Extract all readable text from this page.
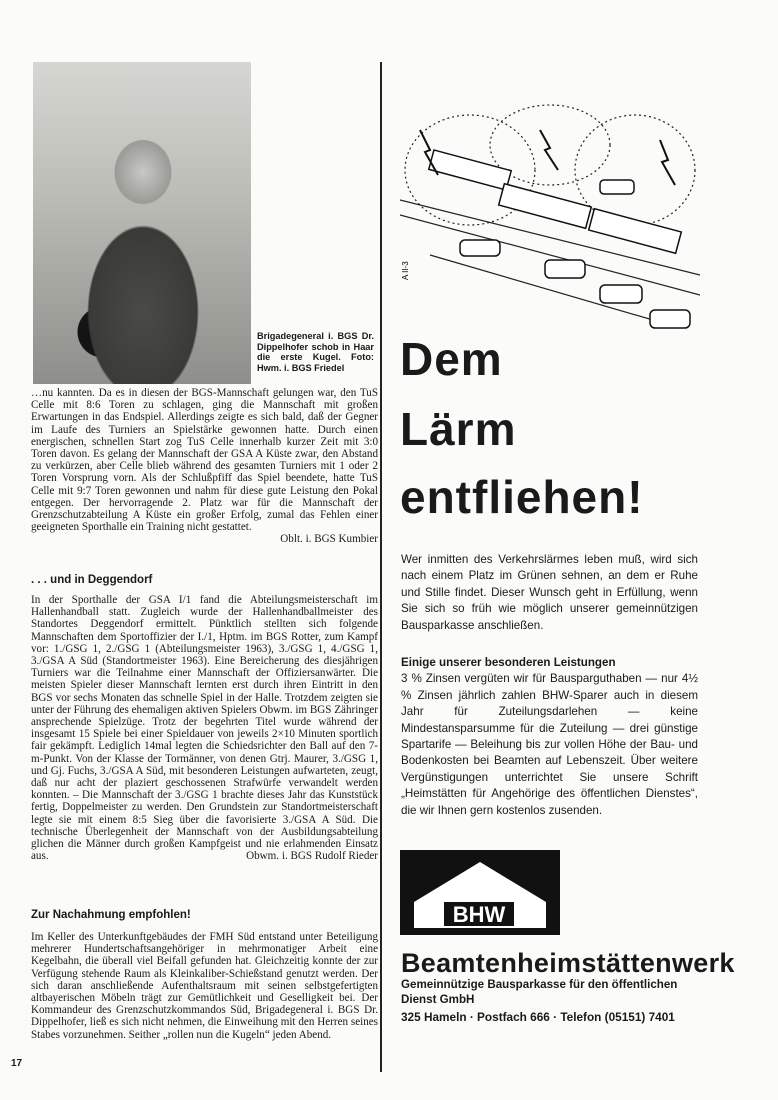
Brigadegeneral i. BGS Dr. Dippelhofer schob in Haar die erste Kugel. Foto: Hwm. i. BGS Friedel

…nu kannten. Da es in diesen der BGS-Mannschaft gelungen war, den TuS Celle mit 8:6 Toren zu schlagen, ging die Mannschaft mit großen Erwartungen in das Endspiel. Allerdings zeigte es sich bald, daß der Gegner im Laufe des Turniers an Spielstärke gewonnen hatte. Durch einen energischen, schnellen Start zog TuS Celle innerhalb kurzer Zeit mit 3:0 Toren davon. Es gelang der Mannschaft der GSA A Küste zwar, den Abstand zu verkürzen, aber Celle blieb während des gesamten Turniers mit 1 oder 2 Toren Vorsprung vorn. Als der Schlußpfiff das Spiel beendete, hatte TuS Celle mit 9:7 Toren gewonnen und nahm für diese gute Leistung den Pokal entgegen. Der hervorragende 2. Platz war für die Mannschaft der Grenzschutzabteilung A Küste ein großer Erfolg, zumal das Fehlen einer geeigneten Sporthalle ein Training nicht gestattet.

Oblt. i. BGS Kumbier

. . . und in Deggendorf

In der Sporthalle der GSA I/1 fand die Abteilungsmeisterschaft im Hallenhandball statt. Zugleich wurde der Hallenhandballmeister des Standortes Deggendorf ermittelt. Pünktlich stellten sich folgende Mannschaften dem Sportoffizier der I./1, Hptm. im BGS Rotter, zum Kampf vor: 1./GSG 1, 2./GSG 1 (Abteilungsmeister 1963), 3./GSG 1, 4./GSG 1, 3./GSA A Süd (Standortmeister 1963). Eine Bereicherung des diesjährigen Turniers war die Teilnahme einer Mannschaft der Offiziersanwärter. Die meisten Spieler dieser Mannschaft lernten erst durch ihren Eintritt in den BGS vor sechs Monaten das schnelle Spiel in der Halle. Trotzdem zeigten sie unter der Führung des ehemaligen aktiven Spielers Obwm. im BGS Zähringer ansprechende Spielzüge. Trotz der begehrten Titel wurde während der insgesamt 15 Spiele bei einer Spieldauer von jeweils 2×10 Minuten sportlich fair gekämpft. Lediglich 14mal legten die Schiedsrichter den Ball auf den 7-m-Punkt. Von der Klasse der Tormänner, von denen Gtrj. Maurer, 3./GSG 1, und Gj. Fuchs, 3./GSA A Süd, mit besonderen Leistungen aufwarteten, zeugt, daß nur acht der plaziert geschossenen Strafwürfe verwandelt werden konnten. – Die Mannschaft der 3./GSG 1 brachte dieses Jahr das Kunststück fertig, Doppelmeister zu werden. Den Grundstein zur Standortmeisterschaft legte sie mit einem 8:5 Sieg über die favorisierte 3./GSA A Süd. Die technische Überlegenheit der Mannschaft von der Ausbildungsabteilung glichen die Männer durch großen Kampfgeist und nie erlahmenden Einsatz aus.	Obwm. i. BGS Rudolf Rieder

Zur Nachahmung empfohlen!

Im Keller des Unterkunftgebäudes der FMH Süd entstand unter Beteiligung mehrerer Hundertschaftsangehöriger in mehrmonatiger Arbeit eine Kegelbahn, die überall viel Beifall gefunden hat. Gleichzeitig konnte der zur Verfügung stehende Raum als Kleinkaliber-Schießstand genutzt werden. Der sich daran anschließende Aufenthaltsraum mit seinen selbstgefertigten altbayerischen Möbeln trägt zur Gemütlichkeit und Geselligkeit bei. Der Kommandeur des Grenzschutzkommandos Süd, Brigadegeneral i. BGS Dr. Dippelhofer, ließ es sich nicht nehmen, die Einweihung mit den Herren seines Stabes vorzunehmen. Seither „rollen nun die Kugeln“ jeden Abend.

17
A II-3
Dem
Lärm
entfliehen!

Wer inmitten des Verkehrslärmes leben muß, wird sich nach einem Platz im Grünen sehnen, an dem er Ruhe und Stille findet. Dieser Wunsch geht in Erfüllung, wenn Sie sich so früh wie möglich unserer gemeinnützigen Bausparkasse anschließen.

Einige unserer besonderen Leistungen

3 % Zinsen vergüten wir für Bausparguthaben — nur 4½ % Zinsen jährlich zahlen BHW-Sparer auch in diesem Jahr für Zuteilungsdarlehen — keine Mindestansparsumme für die Zuteilung — drei günstige Spartarife — Beleihung bis zur vollen Höhe der Bau- und Bodenkosten bei Beamten auf Lebenszeit. Über weitere Vergünstigungen unterrichtet Sie unsere Schrift „Heimstätten für Angehörige des öffentlichen Dienstes“, die wir Ihnen gern kostenlos zusenden.

BHW
Beamtenheimstättenwerk
Gemeinnützige Bausparkasse für den öffentlichen Dienst GmbH
325 Hameln · Postfach 666 · Telefon (05151) 7401
